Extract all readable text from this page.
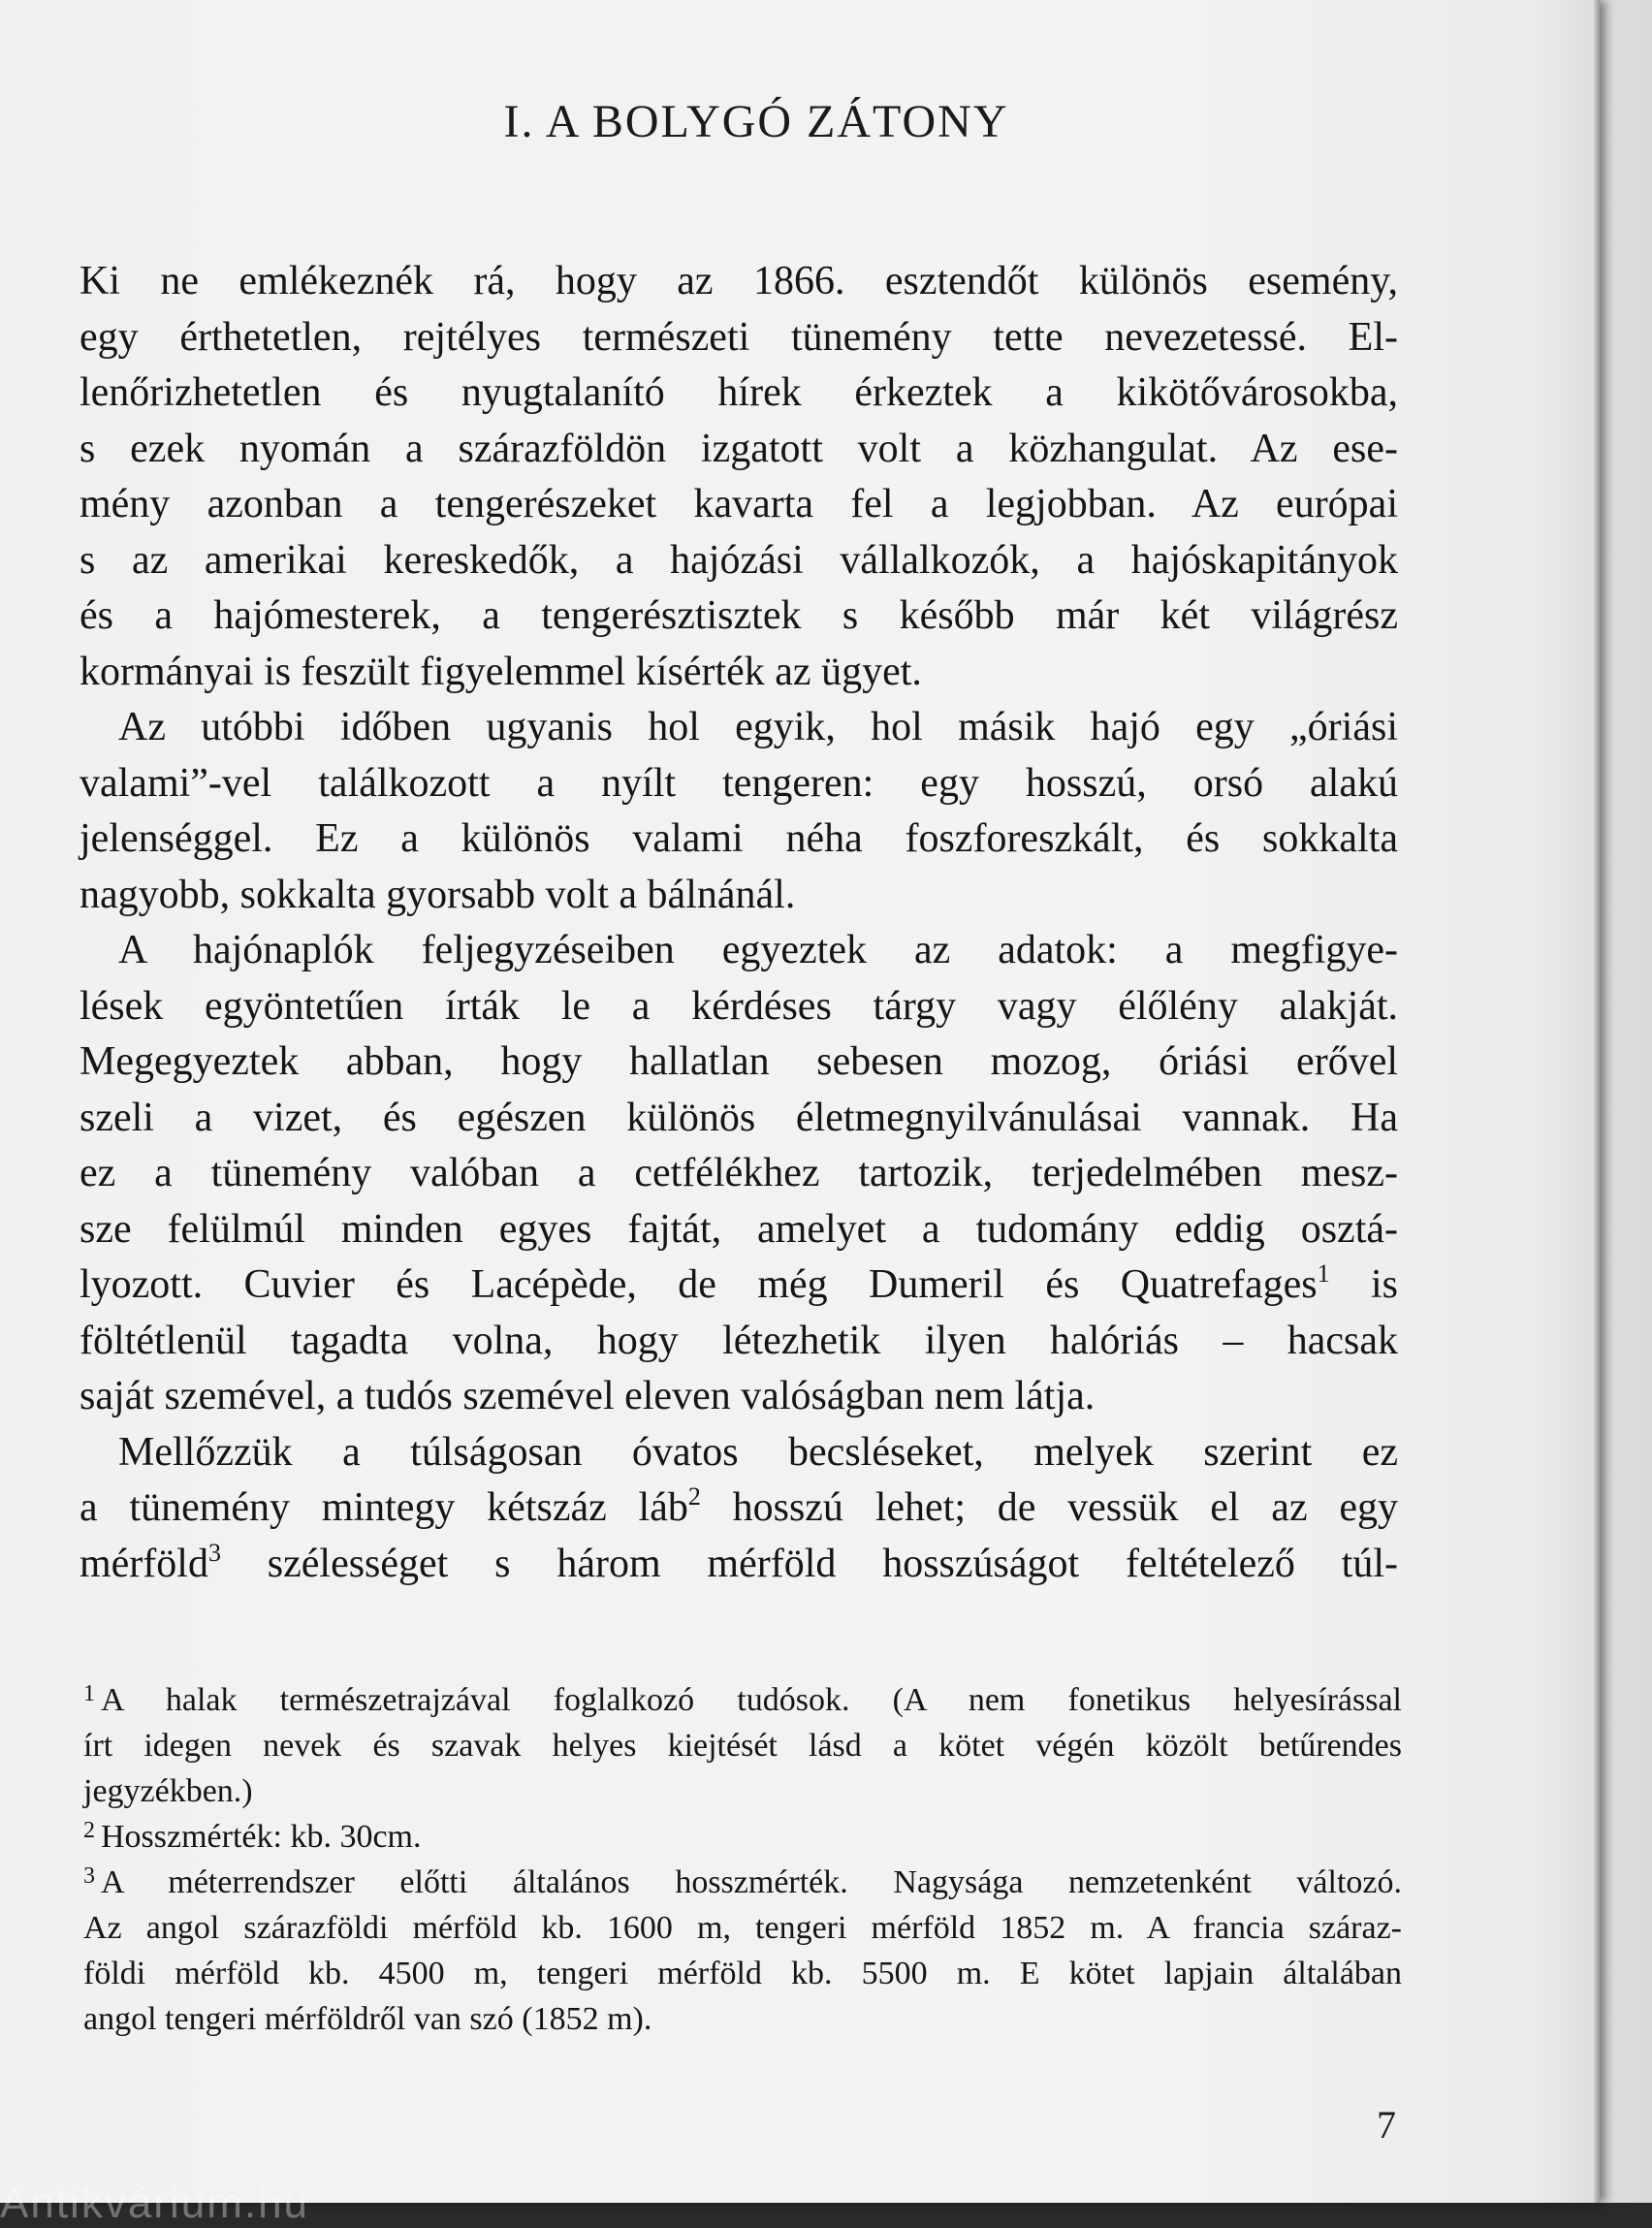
I. A BOLYGÓ ZÁTONY

Ki ne emlékeznék rá, hogy az 1866. esztendőt különös esemény,
egy érthetetlen, rejtélyes természeti tünemény tette nevezetessé. El-
lenőrizhetetlen és nyugtalanító hírek érkeztek a kikötővárosokba,
s ezek nyomán a szárazföldön izgatott volt a közhangulat. Az ese-
mény azonban a tengerészeket kavarta fel a legjobban. Az európai
s az amerikai kereskedők, a hajózási vállalkozók, a hajóskapitányok
és a hajómesterek, a tengerésztisztek s később már két világrész
kormányai is feszült figyelemmel kísérték az ügyet.

Az utóbbi időben ugyanis hol egyik, hol másik hajó egy „óriási
valami”-vel találkozott a nyílt tengeren: egy hosszú, orsó alakú
jelenséggel. Ez a különös valami néha foszforeszkált, és sokkalta
nagyobb, sokkalta gyorsabb volt a bálnánál.

A hajónaplók feljegyzéseiben egyeztek az adatok: a megfigye-
lések egyöntetűen írták le a kérdéses tárgy vagy élőlény alakját.
Megegyeztek abban, hogy hallatlan sebesen mozog, óriási erővel
szeli a vizet, és egészen különös életmegnyilvánulásai vannak. Ha
ez a tünemény valóban a cetfélékhez tartozik, terjedelmében mesz-
sze felülmúl minden egyes fajtát, amelyet a tudomány eddig osztá-
lyozott. Cuvier és Lacépède, de még Dumeril és Quatrefages$^1$ is
föltétlenül tagadta volna, hogy létezhetik ilyen halóriás – hacsak
saját szemével, a tudós szemével eleven valóságban nem látja.

Mellőzzük a túlságosan óvatos becsléseket, melyek szerint ez
a tünemény mintegy kétszáz láb$^2$ hosszú lehet; de vessük el az egy
mérföld$^3$ szélességet s három mérföld hosszúságot feltételező túl-

$^1$ A halak természetrajzával foglalkozó tudósok. (A nem fonetikus helyesírással
írt idegen nevek és szavak helyes kiejtését lásd a kötet végén közölt betűrendes
jegyzékben.)
$^2$ Hosszmérték: kb. 30cm.
$^3$ A méterrendszer előtti általános hosszmérték. Nagysága nemzetenként változó.
Az angol szárazföldi mérföld kb. 1600 m, tengeri mérföld 1852 m. A francia száraz-
földi mérföld kb. 4500 m, tengeri mérföld kb. 5500 m. E kötet lapjain általában
angol tengeri mérföldről van szó (1852 m).
7
Antikvárium.hu
